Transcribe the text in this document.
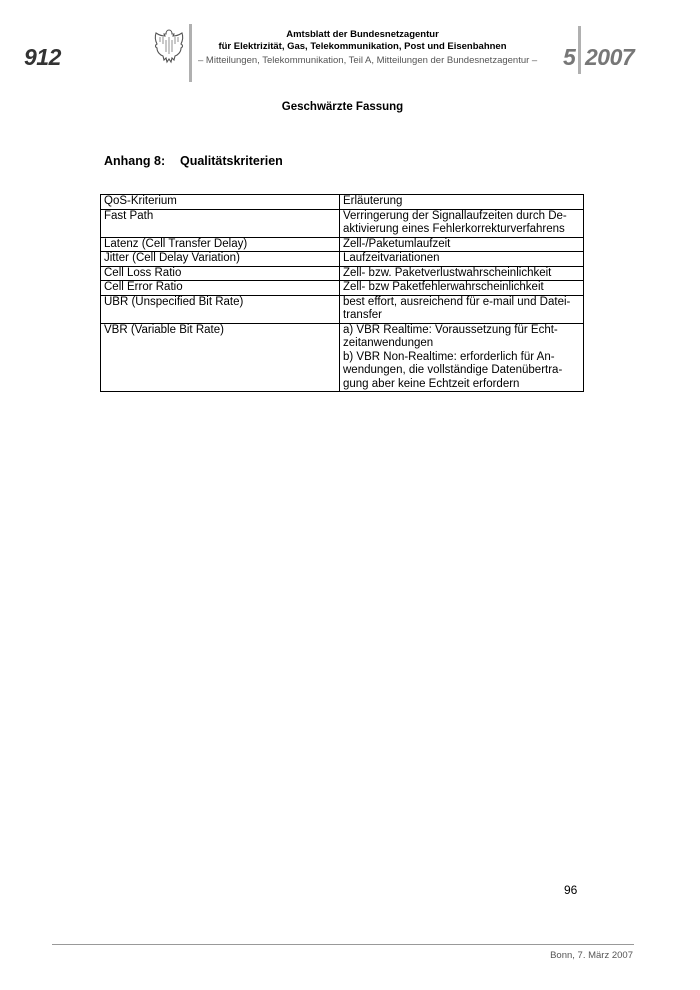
912
Amtsblatt der Bundesnetzagentur
für Elektrizität, Gas, Telekommunikation, Post und Eisenbahnen
– Mitteilungen, Telekommunikation, Teil A, Mitteilungen der Bundesnetzagentur – 5 2007
Geschwärzte Fassung
Anhang 8: Qualitätskriterien
QoS-Kriterium	Erläuterung
Fast Path	Verringerung der Signallaufzeiten durch De-
aktivierung eines Fehlerkorrekturverfahrens

Latenz (Cell Transfer Delay)	Zell-/Paketumlaufzeit

Jitter (Cell Delay Variation)	Laufzeitvariationen

Cell Loss Ratio	Zell- bzw. Paketverlustwahrscheinlichkeit

Cell Error Ratio	Zell- bzw Paketfehlerwahrscheinlichkeit

UBR (Unspecified Bit Rate)	best effort, ausreichend für e-mail und Datei-
transfer

VBR (Variable Bit Rate)	a) VBR Realtime: Voraussetzung für Echt-
zeitanwendungen
b) VBR Non-Realtime: erforderlich für An-
wendungen, die vollständige Datenübertra-
gung aber keine Echtzeit erfordern
96
Bonn, 7. März 2007
